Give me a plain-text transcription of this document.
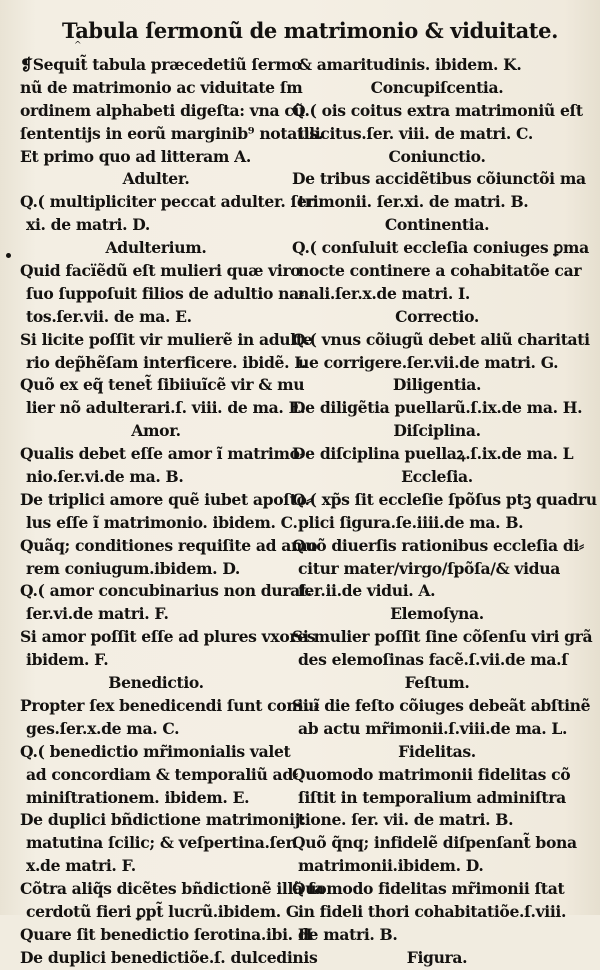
Tabula ſermonũ de matrimonio & viduitate.
^
❡Sequit̃ tabula præcedetiũ ſermo
nũ de matrimonio ac viduitate ſm
ordinem alphabeti digeſta: vna cũ
ſententijs in eorũ marginib⁹ notatis.
Et primo quo ad litteram A.
Adulter.
Q.( multipliciter peccat adulter. ſer.
xi. de matri. D.
Adulterium.
Quid facïẽdũ eſt mulieri quæ viro
ſuo ſuppoſuit filios de adultio na⸗
tos.ſer.vii. de ma. E.
Si licite poſſit vir mulierẽ in adulte
rio dep̃hẽſam interficere. ibidẽ. I.
Quõ ex eq̃ tenet̃ ſibiiuĩcẽ vir & mu
lier nõ adulterari.ſ. viii. de ma. E.
Amor.
Qualis debet eſſe amor ĩ matrimo⸗
nio.ſer.vi.de ma. B.
De triplici amore quẽ iubet apoſto⸗
lus eſſe ĩ matrimonio. ibidem. C.
Quãq; conditiones requiſite ad amo
rem coniugum.ibidem. D.
Q.( amor concubinarius non durat.
ſer.vi.de matri. F.
Si amor poſſit eſſe ad plures vxores
ibidem. F.
Benedictio.
Propter ſex benedicendi ſunt coniu⸗
ges.ſer.x.de ma. C.
Q.( benedictio mr̃imonialis valet
ad concordiam & temporaliũ ad⸗
miniſtrationem. ibidem. E.
De duplici bñdictione matrimonij:
matutina ſcilic; & veſpertina.ſer.
x.de matri. F.
Cõtra aliq̃s dicẽtes bñdictionẽ illã ſa
cerdotũ fieri ꝑpt̃ lucrũ.ibidem. G.
Quare ſit benedictio ſerotina.ibi. H
De duplici benedictiõe.ſ. dulcedinis
& amaritudinis. ibidem. K.
Concupiſcentia.
Q.( ois coitus extra matrimoniũ eſt
illicitus.ſer. viii. de matri. C.
Coniunctio.
De tribus accidẽtibus cõiunctõi ma
trimonii. ſer.xi. de matri. B.
Continentia.
Q.( conſuluit eccleſia coniuges ꝑma
nocte continere a cohabitatõe car
nali.ſer.x.de matri. I.
Correctio.
Q.( vnus cõiugũ debet aliũ charitati
ue corrigere.ſer.vii.de matri. G.
Diligentia.
De diligẽtia puellarũ.ſ.ix.de ma. H.
Diſciplina.
De diſciplina puellaꝝ.ſ.ix.de ma. L
Eccleſia.
Q.( xp̃s ſit eccleſie ſpõſus ptꝫ quadru
plici ſigura.ſe.iiii.de ma. B.
Quõ diuerſis rationibus eccleſia di⸗
citur mater/virgo/ſpõſa/& vidua
ſer.ii.de vidui. A.
Elemoſyna.
Si mulier poſſit ſine cõſenſu viri grã
des elemoſinas facẽ.ſ.vii.de ma.ſ
Feſtum.
Si ĩ die feſto cõiuges debeãt abſtinẽ
ab actu mr̃imonii.ſ.viii.de ma. L.
Fidelitas.
Quomodo matrimonii fidelitas cõ
ſiſtit in temporalium adminiſtra
tione. ſer. vii. de matri. B.
Quõ q̃nq; infidelẽ diſpenſant̃ bona
matrimonii.ibidem. D.
Quomodo fidelitas mr̃imonii ſtat
in fideli thori cohabitatiõe.ſ.viii.
de matri. B.
Figura.
